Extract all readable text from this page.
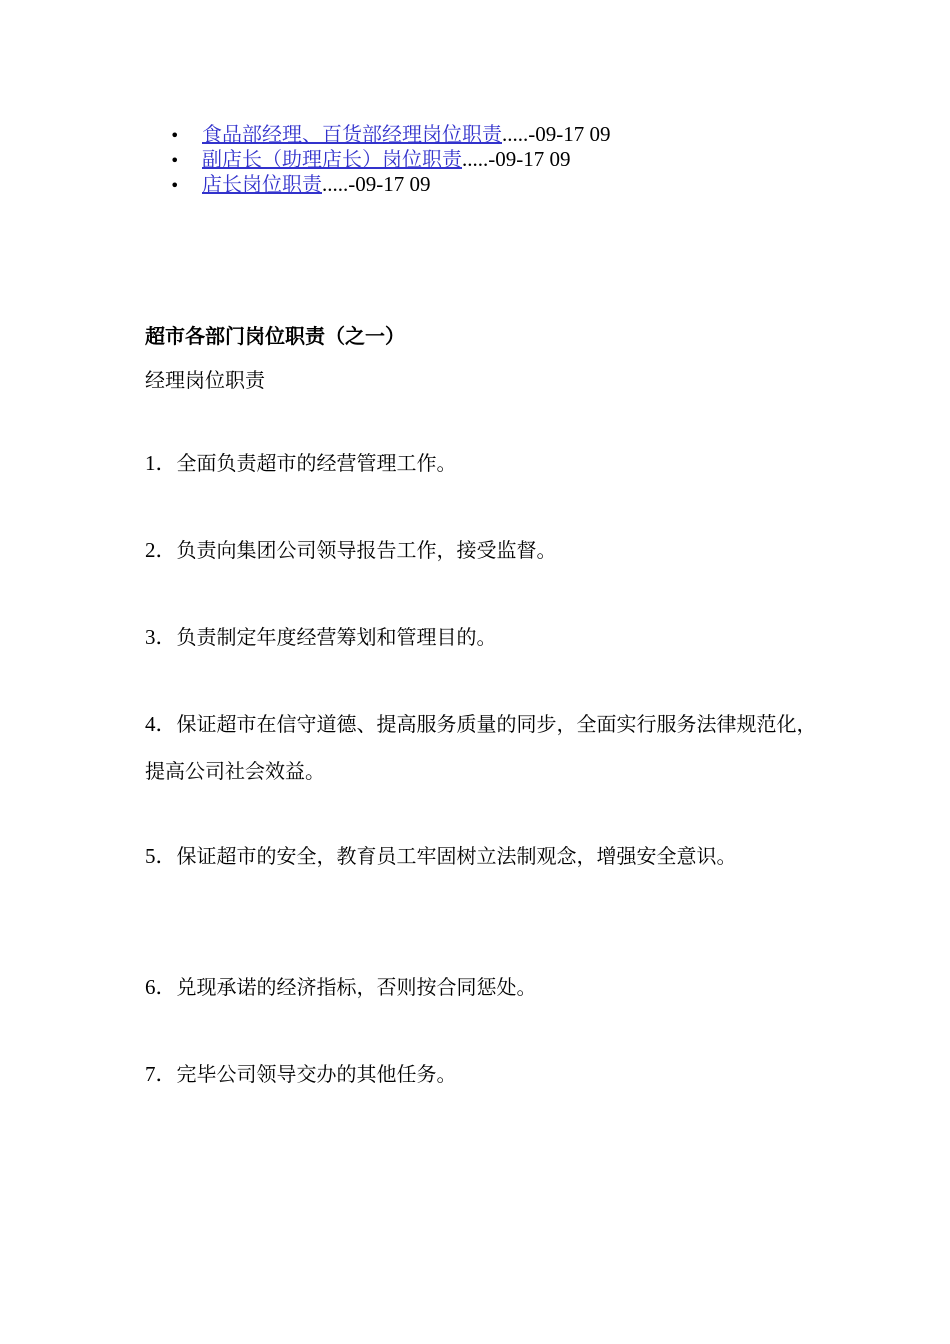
• 食品部经理、百货部经理岗位职责.....-09-17 09
• 副店长（助理店长）岗位职责.....-09-17 09
• 店长岗位职责.....-09-17 09
超市各部门岗位职责（之一）
经理岗位职责
1．全面负责超市的经营管理工作。
2．负责向集团公司领导报告工作，接受监督。
3．负责制定年度经营筹划和管理目的。
4．保证超市在信守道德、提高服务质量的同步，全面实行服务法律规范化，提高公司社会效益。
5．保证超市的安全，教育员工牢固树立法制观念，增强安全意识。
6．兑现承诺的经济指标，否则按合同惩处。
7．完毕公司领导交办的其他任务。
